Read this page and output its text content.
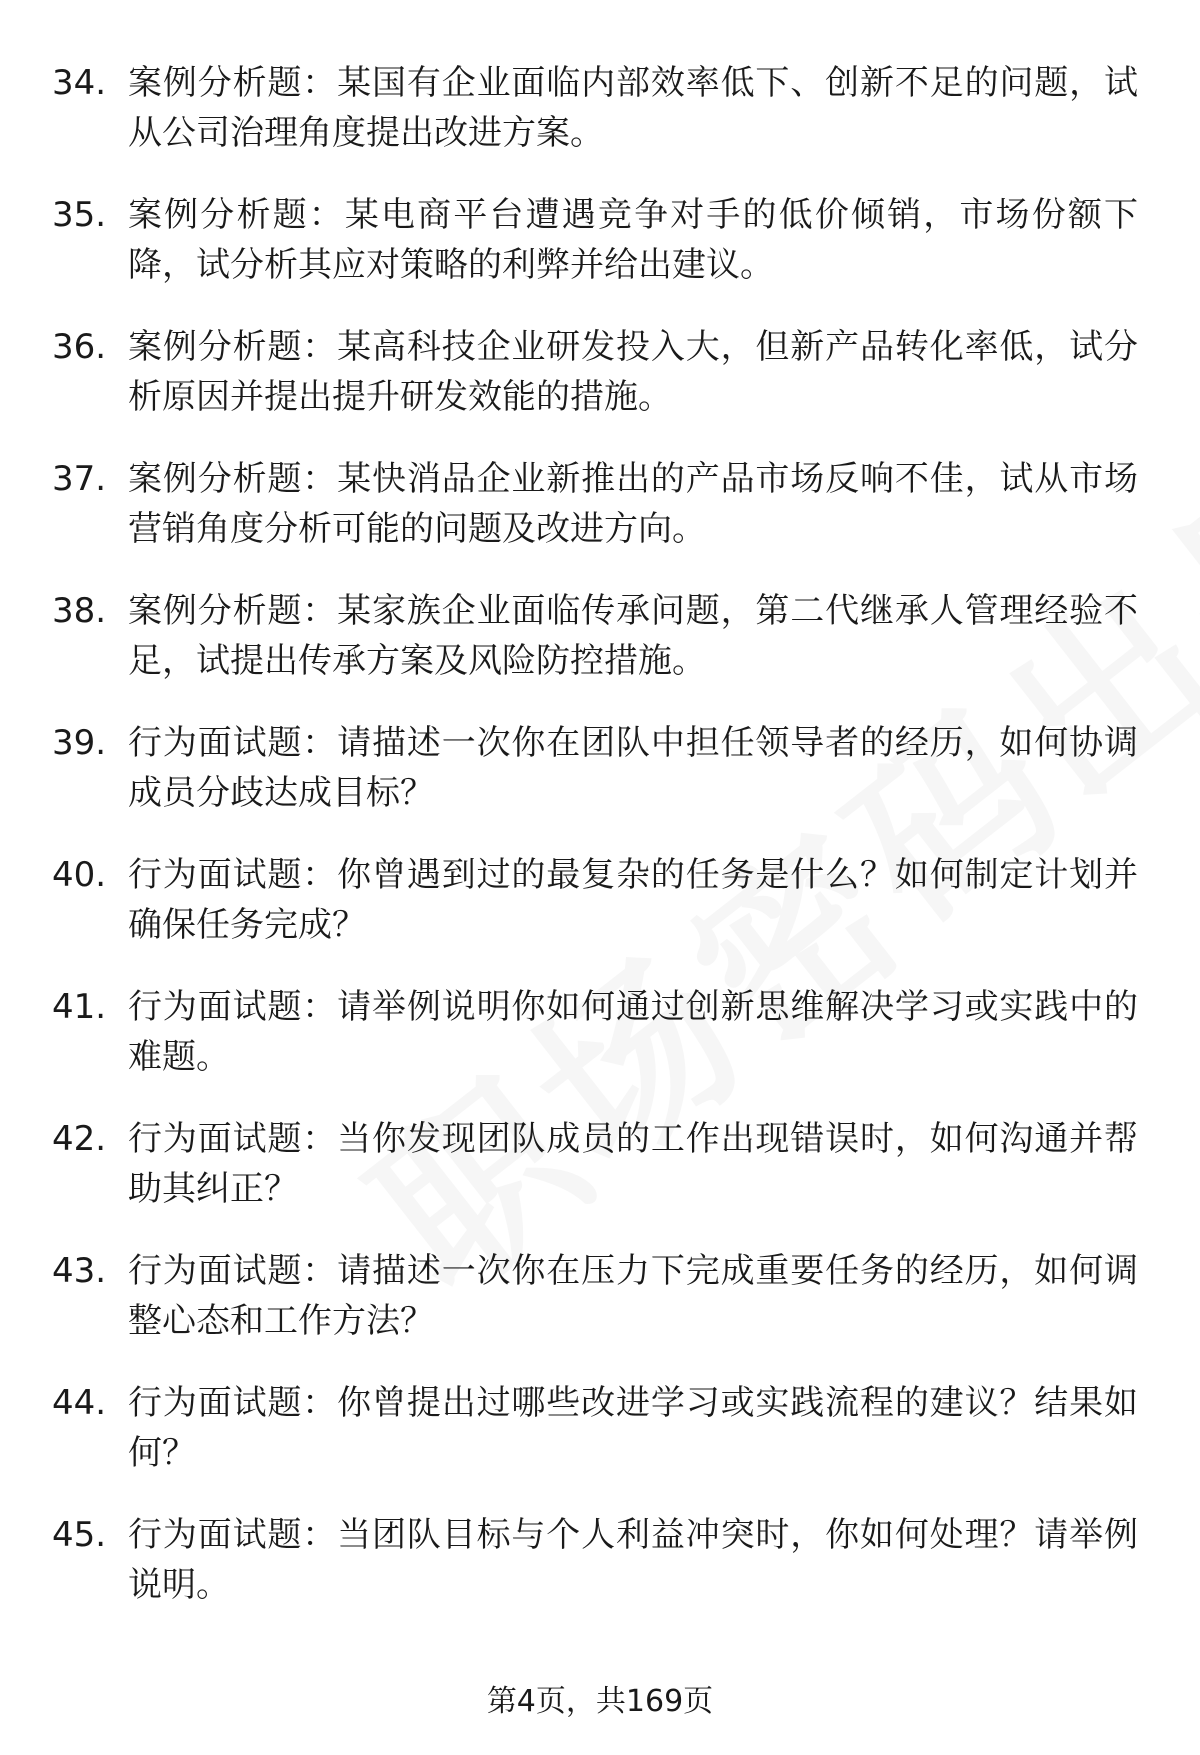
34. 案例分析题：某国有企业面临内部效率低下、创新不足的问题，试从公司治理角度提出改进方案。
35. 案例分析题：某电商平台遭遇竞争对手的低价倾销，市场份额下降，试分析其应对策略的利弊并给出建议。
36. 案例分析题：某高科技企业研发投入大，但新产品转化率低，试分析原因并提出提升研发效能的措施。
37. 案例分析题：某快消品企业新推出的产品市场反响不佳，试从市场营销角度分析可能的问题及改进方向。
38. 案例分析题：某家族企业面临传承问题，第二代继承人管理经验不足，试提出传承方案及风险防控措施。
39. 行为面试题：请描述一次你在团队中担任领导者的经历，如何协调成员分歧达成目标？
40. 行为面试题：你曾遇到过的最复杂的任务是什么？如何制定计划并确保任务完成？
41. 行为面试题：请举例说明你如何通过创新思维解决学习或实践中的难题。
42. 行为面试题：当你发现团队成员的工作出现错误时，如何沟通并帮助其纠正？
43. 行为面试题：请描述一次你在压力下完成重要任务的经历，如何调整心态和工作方法？
44. 行为面试题：你曾提出过哪些改进学习或实践流程的建议？结果如何？
45. 行为面试题：当团队目标与个人利益冲突时，你如何处理？请举例说明。
第4页，共169页
